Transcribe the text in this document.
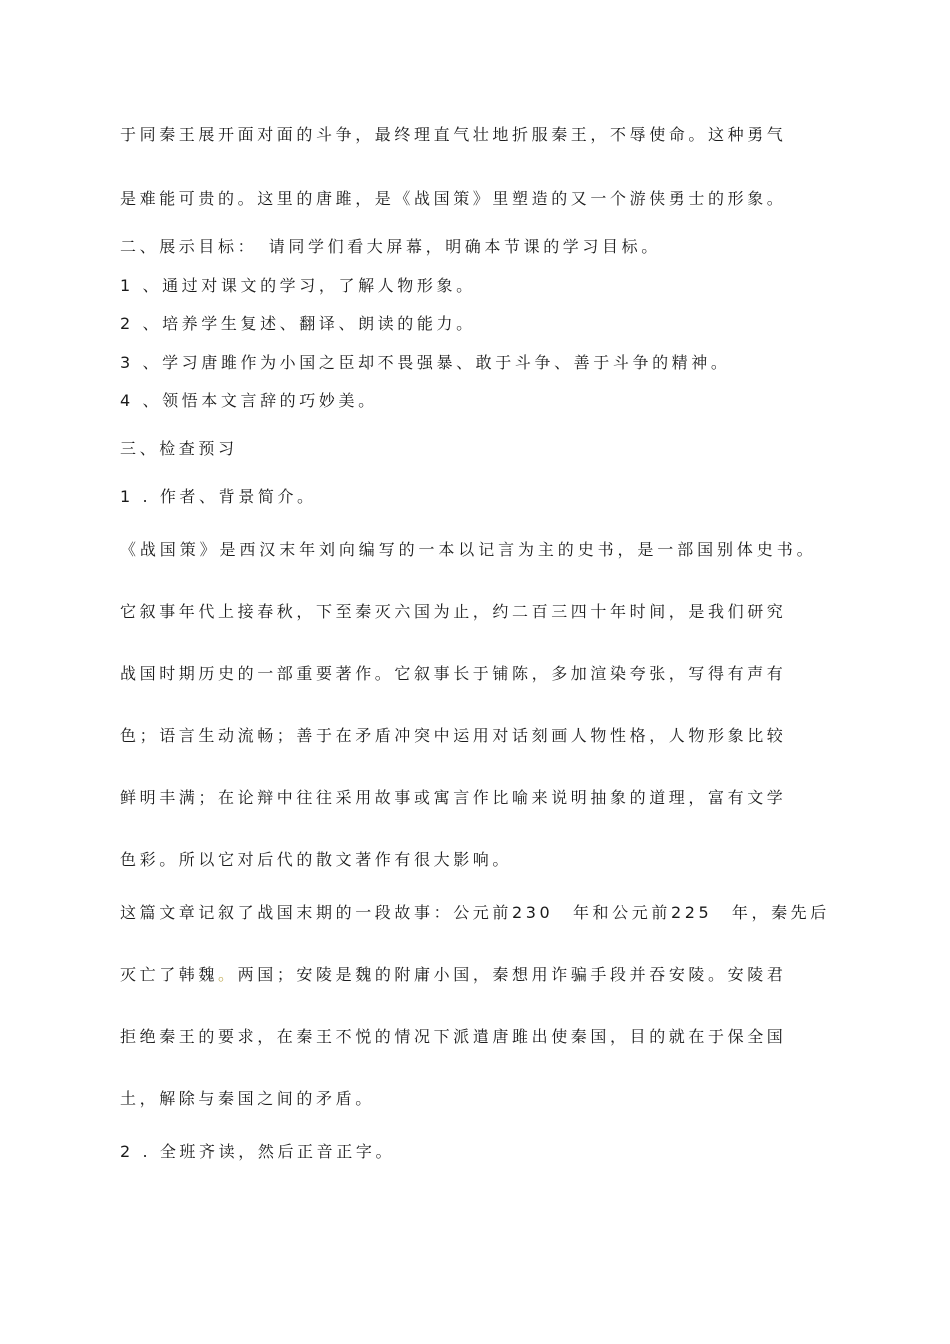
于同秦王展开面对面的斗争，最终理直气壮地折服秦王，不辱使命。这种勇气
是难能可贵的。这里的唐雎，是《战国策》里塑造的又一个游侠勇士的形象。
二、展示目标：　请同学们看大屏幕，明确本节课的学习目标。
1 、通过对课文的学习，了解人物形象。
2 、培养学生复述、翻译、朗读的能力。
3 、学习唐雎作为小国之臣却不畏强暴、敢于斗争、善于斗争的精神。
4 、领悟本文言辞的巧妙美。
三、检查预习
1 . 作者、背景简介。
《战国策》是西汉末年刘向编写的一本以记言为主的史书，是一部国别体史书。
它叙事年代上接春秋，下至秦灭六国为止，约二百三四十年时间，是我们研究
战国时期历史的一部重要著作。它叙事长于铺陈，多加渲染夸张，写得有声有
色；语言生动流畅；善于在矛盾冲突中运用对话刻画人物性格，人物形象比较
鲜明丰满；在论辩中往往采用故事或寓言作比喻来说明抽象的道理，富有文学
色彩。所以它对后代的散文著作有很大影响。
这篇文章记叙了战国末期的一段故事：公元前230　年和公元前225　年，秦先后
灭亡了韩魏。两国；安陵是魏的附庸小国，秦想用诈骗手段并吞安陵。安陵君
拒绝秦王的要求，在秦王不悦的情况下派遣唐雎出使秦国，目的就在于保全国
土，解除与秦国之间的矛盾。
2 . 全班齐读，然后正音正字。
